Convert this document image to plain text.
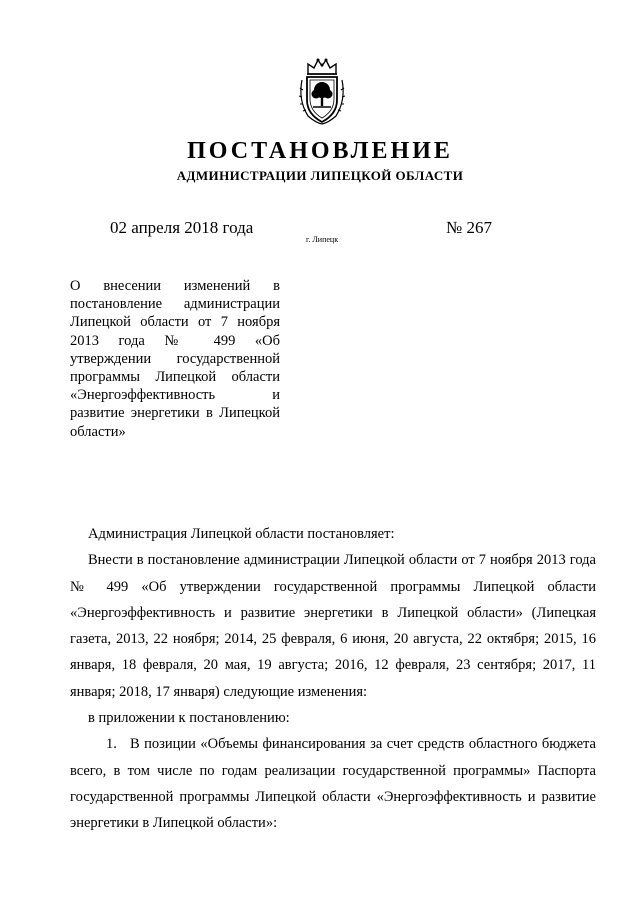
ПОСТАНОВЛЕНИЕ
АДМИНИСТРАЦИИ ЛИПЕЦКОЙ ОБЛАСТИ
02 апреля 2018 года
г. Липецк
№ 267
О внесении изменений в постановление администрации Липецкой области от 7 ноября 2013 года № 499 «Об утверждении государственной программы Липецкой области «Энергоэффективность и развитие энергетики в Липецкой области»

Администрация Липецкой области постановляет:

Внести в постановление администрации Липецкой области от 7 ноября 2013 года № 499 «Об утверждении государственной программы Липецкой области «Энергоэффективность и развитие энергетики в Липецкой области» (Липецкая газета, 2013, 22 ноября; 2014, 25 февраля, 6 июня, 20 августа, 22 октября; 2015, 16 января, 18 февраля, 20 мая, 19 августа; 2016, 12 февраля, 23 сентября; 2017, 11 января; 2018, 17 января) следующие изменения:

в приложении к постановлению:

1. В позиции «Объемы финансирования за счет средств областного бюджета всего, в том числе по годам реализации государственной программы» Паспорта государственной программы Липецкой области «Энергоэффективность и развитие энергетики в Липецкой области»:
